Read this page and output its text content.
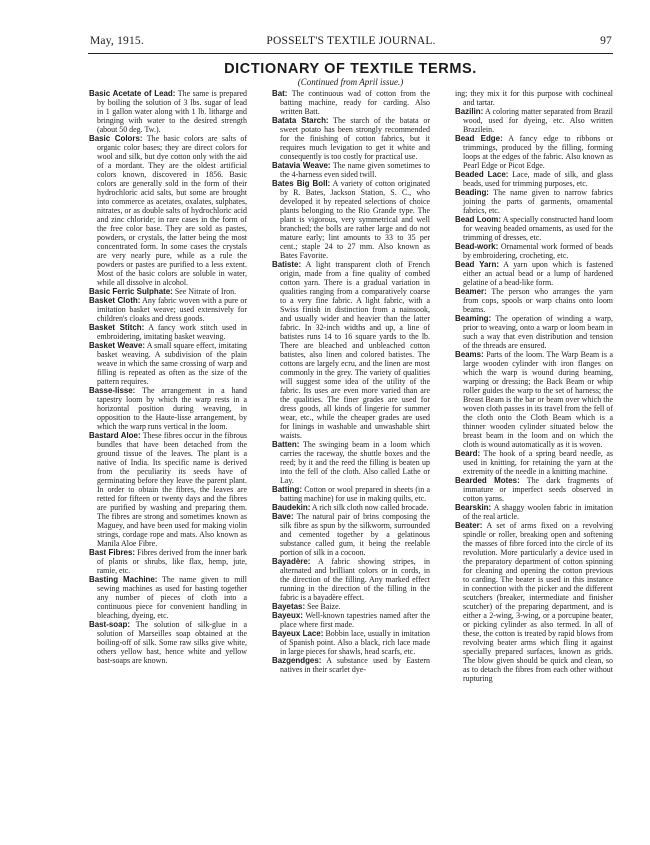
May, 1915.	POSSELT'S TEXTILE JOURNAL.	97
DICTIONARY OF TEXTILE TERMS.
(Continued from April issue.)

Basic Acetate of Lead: The same is prepared by boiling the solution of 3 lbs. sugar of lead in 1 gallon water along with 1 lb. litharge and bringing with water to the desired strength (about 50 deg. Tw.).

Basic Colors: The basic colors are salts of organic color bases; they are direct colors for wool and silk, but dye cotton only with the aid of a mordant. They are the oldest artificial colors known, discovered in 1856. Basic colors are generally sold in the form of their hydrochloric acid salts, but some are brought into commerce as acetates, oxalates, sulphates, nitrates, or as double salts of hydrochloric acid and zinc chloride; in rare cases in the form of the free color base. They are sold as pastes, powders, or crystals, the latter being the most concentrated form. In some cases the crystals are very nearly pure, while as a rule the powders or pastes are purified to a less extent. Most of the basic colors are soluble in water, while all dissolve in alcohol.

Basic Ferric Sulphate: See Nitrate of Iron.

Basket Cloth: Any fabric woven with a pure or imitation basket weave; used extensively for children's cloaks and dress goods.

Basket Stitch: A fancy work stitch used in embroidering, imitating basket weaving.

Basket Weave: A small square effect, imitating basket weaving. A subdivision of the plain weave in which the same crossing of warp and filling is repeated as often as the size of the pattern requires.

Basse-lisse: The arrangement in a hand tapestry loom by which the warp rests in a horizontal position during weaving, in opposition to the Haute-lisse arrangement, by which the warp runs vertical in the loom.

Bastard Aloe: These fibres occur in the fibrous bundles that have been detached from the ground tissue of the leaves. The plant is a native of India. Its specific name is derived from the peculiarity its seeds have of germinating before they leave the parent plant. In order to obtain the fibres, the leaves are retted for fifteen or twenty days and the fibres are purified by washing and preparing them. The fibres are strong and sometimes known as Maguey, and have been used for making violin strings, cordage rope and mats. Also known as Manila Aloe Fibre.

Bast Fibres: Fibres derived from the inner bark of plants or shrubs, like flax, hemp, jute, ramie, etc.

Basting Machine: The name given to mill sewing machines as used for basting together any number of pieces of cloth into a continuous piece for convenient handling in bleaching, dyeing, etc.

Bast-soap: The solution of silk-glue in a solution of Marseilles soap obtained at the boiling-off of silk. Some raw silks give white, others yellow bast, hence white and yellow bast-soaps are known.

Bat: The continuous wad of cotton from the batting machine, ready for carding. Also written Batt.

Batata Starch: The starch of the batata or sweet potato has been strongly recommended for the finishing of cotton fabrics, but it requires much levigation to get it white and consequently is too costly for practical use.

Batavia Weave: The name given sometimes to the 4-harness even sided twill.

Bates Big Boll: A variety of cotton originated by R. Bates, Jackson Station, S. C., who developed it by repeated selections of choice plants belonging to the Rio Grande type. The plant is vigorous, very symmetrical and well branched; the bolls are rather large and do not mature early; lint amounts to 33 to 35 per cent.; staple 24 to 27 mm. Also known as Bates Favorite.

Batiste: A light transparent cloth of French origin, made from a fine quality of combed cotton yarn. There is a gradual variation in qualities ranging from a comparatively coarse to a very fine fabric. A light fabric, with a Swiss finish in distinction from a nainsook, and usually wider and heavier than the latter fabric. In 32-inch widths and up, a line of batistes runs 14 to 16 square yards to the lb. There are bleached and unbleached cotton batistes, also linen and colored batistes. The cottons are largely ecru, and the linen are most commonly in the grey. The variety of qualities will suggest some idea of the utility of the fabric. Its uses are even more varied than are the qualities. The finer grades are used for dress goods, all kinds of lingerie for summer wear, etc., while the cheaper grades are used for linings in washable and unwashable shirt waists.

Batten: The swinging beam in a loom which carries the raceway, the shuttle boxes and the reed; by it and the reed the filling is beaten up into the fell of the cloth. Also called Lathe or Lay.

Batting: Cotton or wool prepared in sheets (in a batting machine) for use in making quilts, etc.

Baudekin: A rich silk cloth now called brocade.

Bave: The natural pair of brins composing the silk fibre as spun by the silkworm, surrounded and cemented together by a gelatinous substance called gum, it being the reelable portion of silk in a cocoon.

Bayadère: A fabric showing stripes, in alternated and brilliant colors or in cords, in the direction of the filling. Any marked effect running in the direction of the filling in the fabric is a bayadère effect.

Bayetas: See Baize.

Bayeux: Well-known tapestries named after the place where first made.

Bayeux Lace: Bobbin lace, usually in imitation of Spanish point. Also a black, rich lace made in large pieces for shawls, head scarfs, etc.

Bazgendges: A substance used by Eastern natives in their scarlet dye-

ing; they mix it for this purpose with cochineal and tartar.

Bazilin: A coloring matter separated from Brazil wood, used for dyeing, etc. Also written Brazilein.

Bead Edge: A fancy edge to ribbons or trimmings, produced by the filling, forming loops at the edges of the fabric. Also known as Pearl Edge or Picot Edge.

Beaded Lace: Lace, made of silk, and glass beads, used for trimming purposes, etc.

Beading: The name given to narrow fabrics joining the parts of garments, ornamental fabrics, etc.

Bead Loom: A specially constructed hand loom for weaving beaded ornaments, as used for the trimming of dresses, etc.

Bead-work: Ornamental work formed of beads by embroidering, crocheting, etc.

Bead Yarn: A yarn upon which is fastened either an actual bead or a lump of hardened gelatine of a bead-like form.

Beamer: The person who arranges the yarn from cops, spools or warp chains onto loom beams.

Beaming: The operation of winding a warp, prior to weaving, onto a warp or loom beam in such a way that even distribution and tension of the threads are ensured.

Beams: Parts of the loom. The Warp Beam is a large wooden cylinder with iron flanges on which the warp is wound during beaming, warping or dressing; the Back Beam or whip roller guides the warp to the set of harness; the Breast Beam is the bar or beam over which the woven cloth passes in its travel from the fell of the cloth onto the Cloth Beam which is a thinner wooden cylinder situated below the breast beam in the loom and on which the cloth is wound automatically as it is woven.

Beard: The hook of a spring beard needle, as used in knitting, for retaining the yarn at the extremity of the needle in a knitting machine.

Bearded Motes: The dark fragments of immature or imperfect seeds observed in cotton yarns.

Bearskin: A shaggy woolen fabric in imitation of the real article.

Beater: A set of arms fixed on a revolving spindle or roller, breaking open and softening the masses of fibre forced into the circle of its revolution. More particularly a device used in the preparatory department of cotton spinning for cleaning and opening the cotton previous to carding. The beater is used in this instance in connection with the picker and the different scutchers (breaker, intermediate and finisher scutcher) of the preparing department, and is either a 2-wing, 3-wing, or a porcupine beater, or picking cylinder as also termed. In all of these, the cotton is treated by rapid blows from revolving beater arms which fling it against specially prepared surfaces, known as grids. The blow given should be quick and clean, so as to detach the fibres from each other without rupturing
